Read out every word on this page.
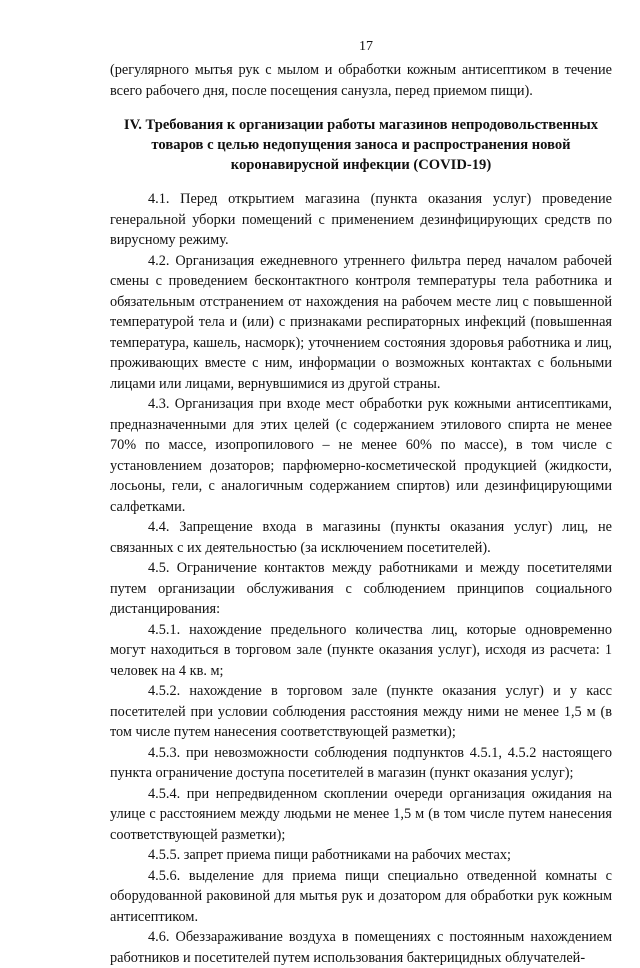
17

(регулярного мытья рук с мылом и обработки кожным антисептиком в течение всего рабочего дня, после посещения санузла, перед приемом пищи).

IV. Требования к организации работы магазинов непродовольственных товаров с целью недопущения заноса и распространения новой коронавирусной инфекции (COVID-19)

4.1. Перед открытием магазина (пункта оказания услуг) проведение генеральной уборки помещений с применением дезинфицирующих средств по вирусному режиму.

4.2. Организация ежедневного утреннего фильтра перед началом рабочей смены с проведением бесконтактного контроля температуры тела работника и обязательным отстранением от нахождения на рабочем месте лиц с повышенной температурой тела и (или) с признаками респираторных инфекций (повышенная температура, кашель, насморк); уточнением состояния здоровья работника и лиц, проживающих вместе с ним, информации о возможных контактах с больными лицами или лицами, вернувшимися из другой страны.

4.3. Организация при входе мест обработки рук кожными антисептиками, предназначенными для этих целей (с содержанием этилового спирта не менее 70% по массе, изопропилового – не менее 60% по массе), в том числе с установлением дозаторов; парфюмерно-косметической продукцией (жидкости, лосьоны, гели, с аналогичным содержанием спиртов) или дезинфицирующими салфетками.

4.4. Запрещение входа в магазины (пункты оказания услуг) лиц, не связанных с их деятельностью (за исключением посетителей).

4.5. Ограничение контактов между работниками и между посетителями путем организации обслуживания с соблюдением принципов социального дистанцирования:

4.5.1. нахождение предельного количества лиц, которые одновременно могут находиться в торговом зале (пункте оказания услуг), исходя из расчета: 1 человек на 4 кв. м;

4.5.2. нахождение в торговом зале (пункте оказания услуг) и у касс посетителей при условии соблюдения расстояния между ними не менее 1,5 м (в том числе путем нанесения соответствующей разметки);

4.5.3. при невозможности соблюдения подпунктов 4.5.1, 4.5.2 настоящего пункта ограничение доступа посетителей в магазин (пункт оказания услуг);

4.5.4. при непредвиденном скоплении очереди организация ожидания на улице с расстоянием между людьми не менее 1,5 м (в том числе путем нанесения соответствующей разметки);

4.5.5. запрет приема пищи работниками на рабочих местах;

4.5.6. выделение для приема пищи специально отведенной комнаты с оборудованной раковиной для мытья рук и дозатором для обработки рук кожным антисептиком.

4.6. Обеззараживание воздуха в помещениях с постоянным нахождением работников и посетителей путем использования бактерицидных облучателей-
